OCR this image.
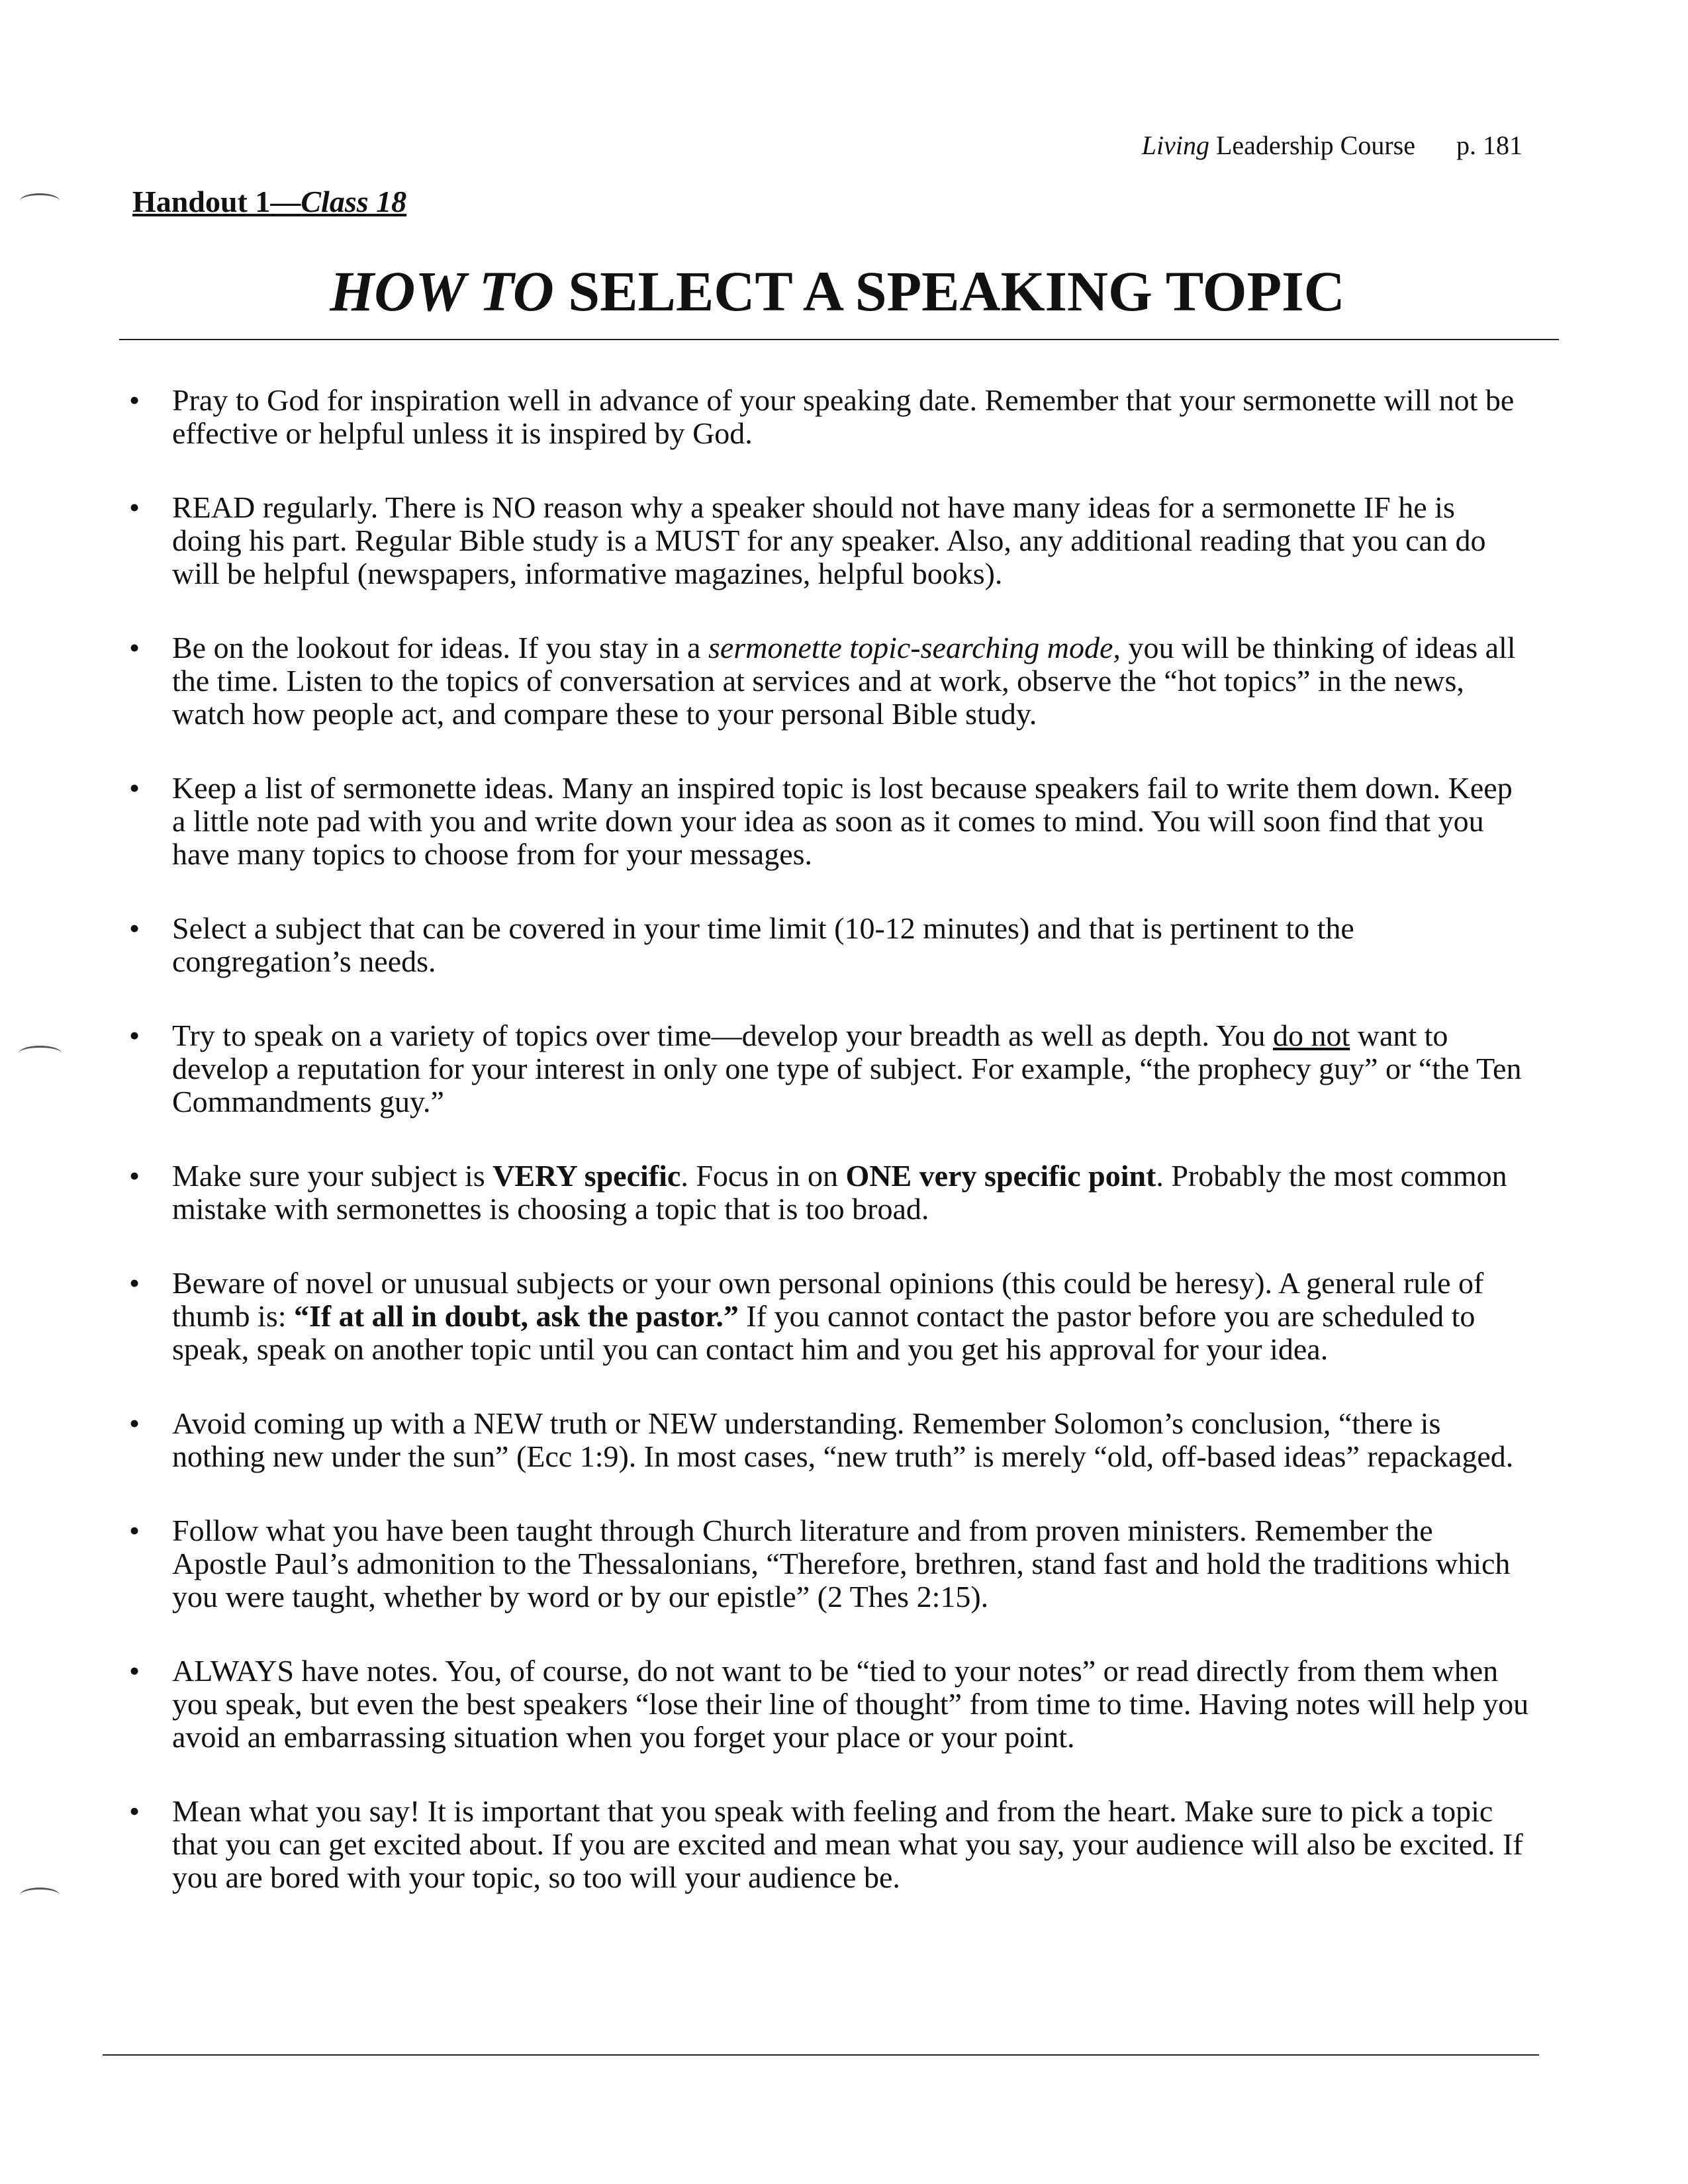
Living Leadership Course p. 181
Handout 1—Class 18
HOW TO SELECT A SPEAKING TOPIC
• Pray to God for inspiration well in advance of your speaking date. Remember that your sermonette will not be effective or helpful unless it is inspired by God.
• READ regularly. There is NO reason why a speaker should not have many ideas for a sermonette IF he is doing his part. Regular Bible study is a MUST for any speaker. Also, any additional reading that you can do will be helpful (newspapers, informative magazines, helpful books).
• Be on the lookout for ideas. If you stay in a sermonette topic-searching mode, you will be thinking of ideas all the time. Listen to the topics of conversation at services and at work, observe the “hot topics” in the news, watch how people act, and compare these to your personal Bible study.
• Keep a list of sermonette ideas. Many an inspired topic is lost because speakers fail to write them down. Keep a little note pad with you and write down your idea as soon as it comes to mind. You will soon find that you have many topics to choose from for your messages.
• Select a subject that can be covered in your time limit (10-12 minutes) and that is pertinent to the congregation’s needs.
• Try to speak on a variety of topics over time—develop your breadth as well as depth. You do not want to develop a reputation for your interest in only one type of subject. For example, “the prophecy guy” or “the Ten Commandments guy.”
• Make sure your subject is VERY specific. Focus in on ONE very specific point. Probably the most common mistake with sermonettes is choosing a topic that is too broad.
• Beware of novel or unusual subjects or your own personal opinions (this could be heresy). A general rule of thumb is: “If at all in doubt, ask the pastor.” If you cannot contact the pastor before you are scheduled to speak, speak on another topic until you can contact him and you get his approval for your idea.
• Avoid coming up with a NEW truth or NEW understanding. Remember Solomon’s conclusion, “there is nothing new under the sun” (Ecc 1:9). In most cases, “new truth” is merely “old, off-based ideas” repackaged.
• Follow what you have been taught through Church literature and from proven ministers. Remember the Apostle Paul’s admonition to the Thessalonians, “Therefore, brethren, stand fast and hold the traditions which you were taught, whether by word or by our epistle” (2 Thes 2:15).
• ALWAYS have notes. You, of course, do not want to be “tied to your notes” or read directly from them when you speak, but even the best speakers “lose their line of thought” from time to time. Having notes will help you avoid an embarrassing situation when you forget your place or your point.
• Mean what you say! It is important that you speak with feeling and from the heart. Make sure to pick a topic that you can get excited about. If you are excited and mean what you say, your audience will also be excited. If you are bored with your topic, so too will your audience be.
